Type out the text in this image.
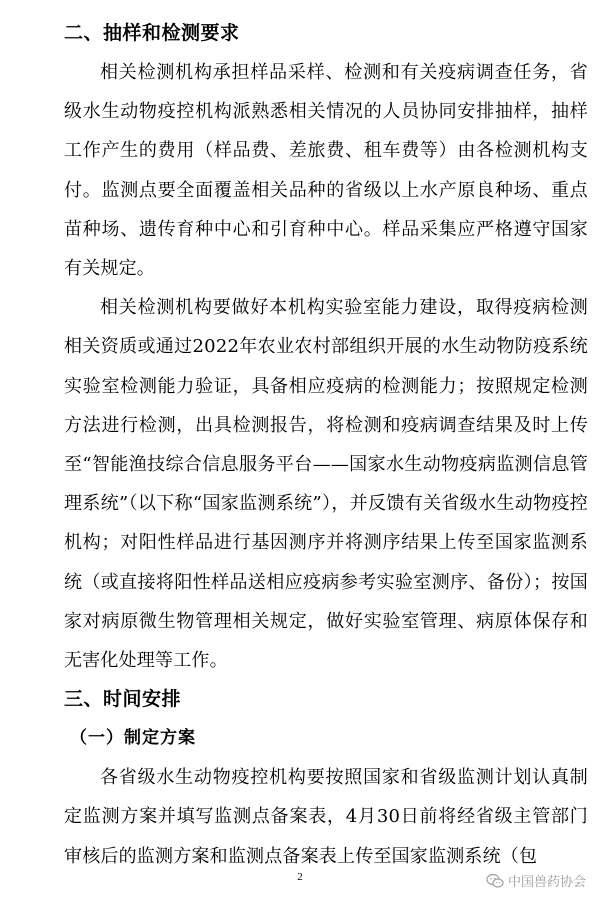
二、抽样和检测要求

相关检测机构承担样品采样、检测和有关疫病调查任务，省级水生动物疫控机构派熟悉相关情况的人员协同安排抽样，抽样工作产生的费用（样品费、差旅费、租车费等）由各检测机构支付。监测点要全面覆盖相关品种的省级以上水产原良种场、重点苗种场、遗传育种中心和引育种中心。样品采集应严格遵守国家有关规定。

相关检测机构要做好本机构实验室能力建设，取得疫病检测相关资质或通过2022年农业农村部组织开展的水生动物防疫系统实验室检测能力验证，具备相应疫病的检测能力；按照规定检测方法进行检测，出具检测报告，将检测和疫病调查结果及时上传至“智能渔技综合信息服务平台——国家水生动物疫病监测信息管理系统”（以下称“国家监测系统”），并反馈有关省级水生动物疫控机构；对阳性样品进行基因测序并将测序结果上传至国家监测系统（或直接将阳性样品送相应疫病参考实验室测序、备份）；按国家对病原微生物管理相关规定，做好实验室管理、病原体保存和无害化处理等工作。

三、时间安排
（一）制定方案

各省级水生动物疫控机构要按照国家和省级监测计划认真制定监测方案并填写监测点备案表，4月30日前将经省级主管部门审核后的监测方案和监测点备案表上传至国家监测系统（包

2	中国兽药协会
